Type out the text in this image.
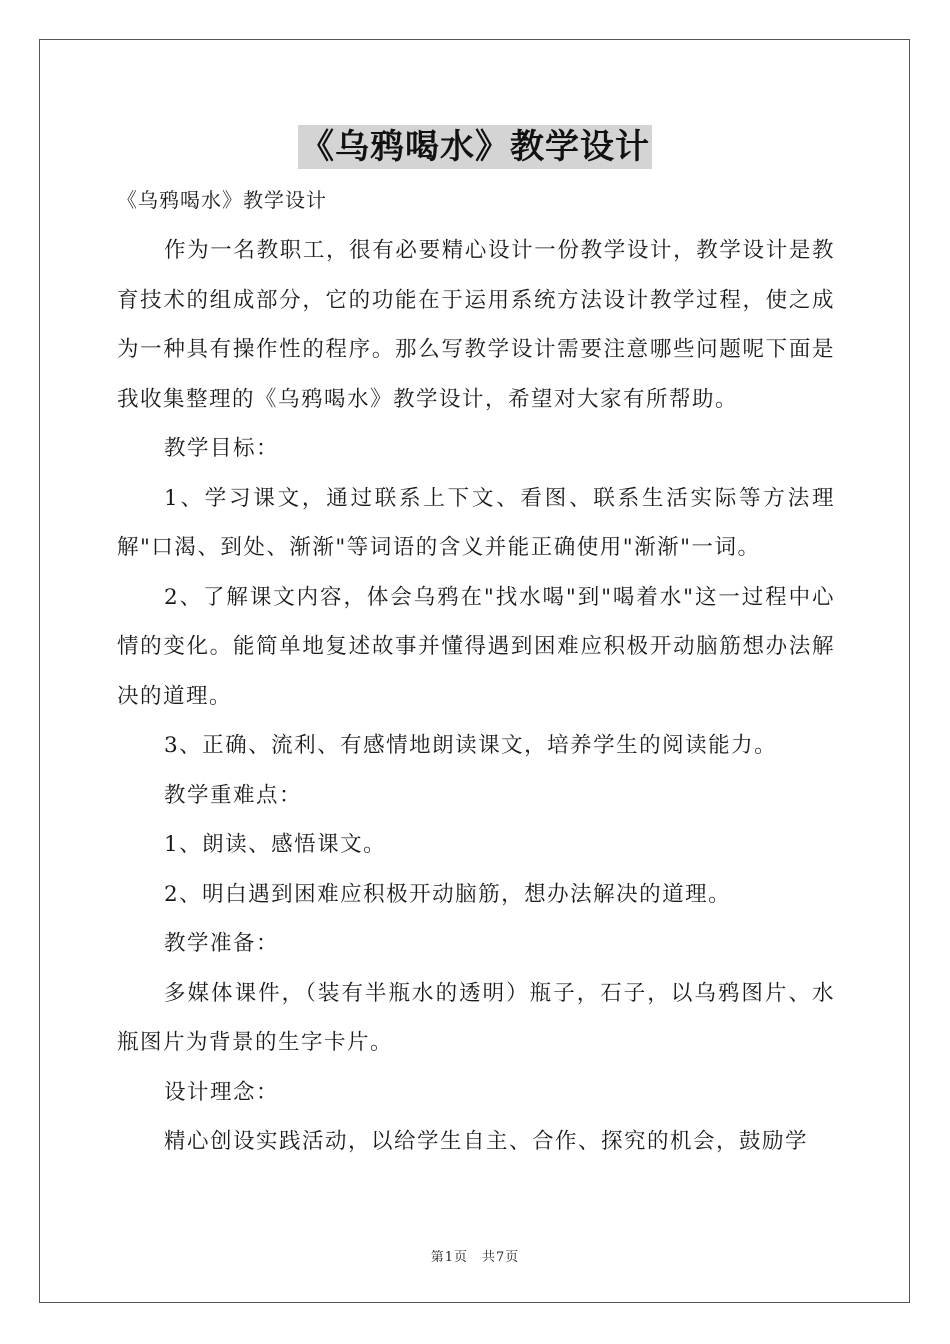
《乌鸦喝水》教学设计

《乌鸦喝水》教学设计

作为一名教职工，很有必要精心设计一份教学设计，教学设计是教育技术的组成部分，它的功能在于运用系统方法设计教学过程，使之成为一种具有操作性的程序。那么写教学设计需要注意哪些问题呢下面是我收集整理的《乌鸦喝水》教学设计，希望对大家有所帮助。

教学目标：

1、学习课文，通过联系上下文、看图、联系生活实际等方法理解"口渴、到处、渐渐"等词语的含义并能正确使用"渐渐"一词。

2、了解课文内容，体会乌鸦在"找水喝"到"喝着水"这一过程中心情的变化。能简单地复述故事并懂得遇到困难应积极开动脑筋想办法解决的道理。

3、正确、流利、有感情地朗读课文，培养学生的阅读能力。

教学重难点：

1、朗读、感悟课文。

2、明白遇到困难应积极开动脑筋，想办法解决的道理。

教学准备：

多媒体课件，（装有半瓶水的透明）瓶子，石子，以乌鸦图片、水瓶图片为背景的生字卡片。

设计理念：

精心创设实践活动，以给学生自主、合作、探究的机会，鼓励学

第1页 共7页
